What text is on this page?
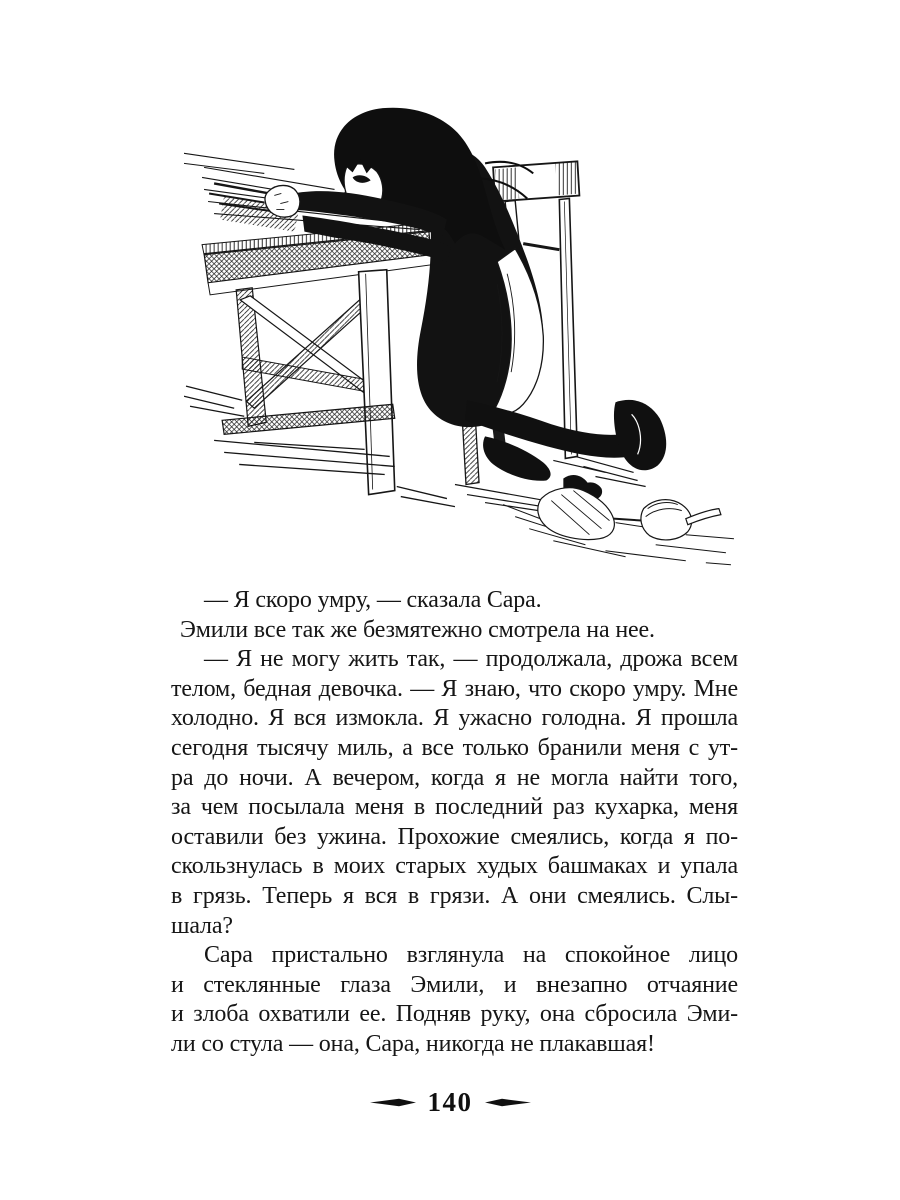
— Я скоро умру, — сказала Сара.
Эмили все так же безмятежно смотрела на нее.
— Я не могу жить так, — продолжала, дрожа всем
телом, бедная девочка. — Я знаю, что скоро умру. Мне
холодно. Я вся измокла. Я ужасно голодна. Я прошла
сегодня тысячу миль, а все только бранили меня с ут-
ра до ночи. А вечером, когда я не могла найти того,
за чем посылала меня в последний раз кухарка, меня
оставили без ужина. Прохожие смеялись, когда я по-
скользнулась в моих старых худых башмаках и упала
в грязь. Теперь я вся в грязи. А они смеялись. Слы-
шала?
Сара пристально взглянула на спокойное лицо
и стеклянные глаза Эмили, и внезапно отчаяние
и злоба охватили ее. Подняв руку, она сбросила Эми-
ли со стула — она, Сара, никогда не плакавшая!
140
